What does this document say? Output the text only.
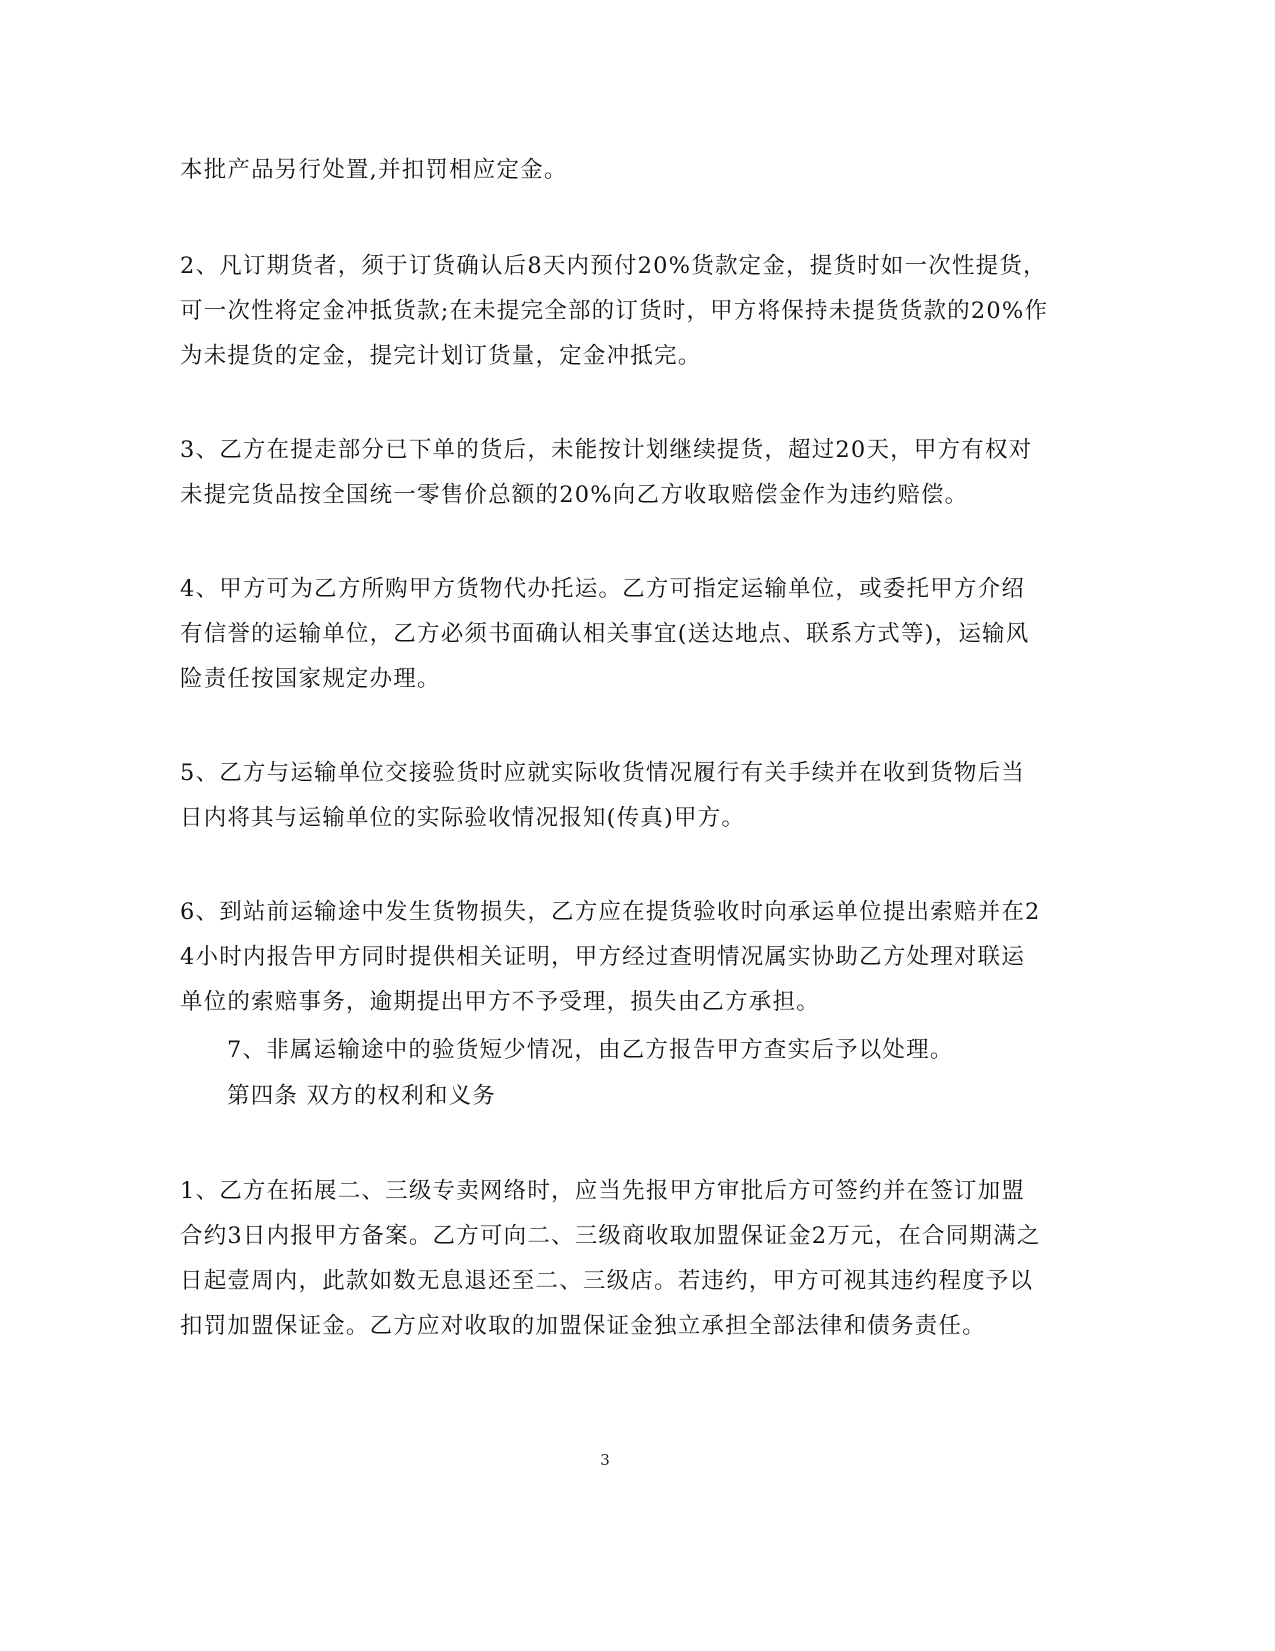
本批产品另行处置,并扣罚相应定金。
2、凡订期货者，须于订货确认后8天内预付20%货款定金，提货时如一次性提货，
可一次性将定金冲抵货款;在未提完全部的订货时，甲方将保持未提货货款的20%作
为未提货的定金，提完计划订货量，定金冲抵完。
3、乙方在提走部分已下单的货后，未能按计划继续提货，超过20天，甲方有权对
未提完货品按全国统一零售价总额的20%向乙方收取赔偿金作为违约赔偿。
4、甲方可为乙方所购甲方货物代办托运。乙方可指定运输单位，或委托甲方介绍
有信誉的运输单位，乙方必须书面确认相关事宜(送达地点、联系方式等)，运输风
险责任按国家规定办理。
5、乙方与运输单位交接验货时应就实际收货情况履行有关手续并在收到货物后当
日内将其与运输单位的实际验收情况报知(传真)甲方。
6、到站前运输途中发生货物损失，乙方应在提货验收时向承运单位提出索赔并在2
4小时内报告甲方同时提供相关证明，甲方经过查明情况属实协助乙方处理对联运
单位的索赔事务，逾期提出甲方不予受理，损失由乙方承担。
7、非属运输途中的验货短少情况，由乙方报告甲方查实后予以处理。
第四条 双方的权利和义务
1、乙方在拓展二、三级专卖网络时，应当先报甲方审批后方可签约并在签订加盟
合约3日内报甲方备案。乙方可向二、三级商收取加盟保证金2万元，在合同期满之
日起壹周内，此款如数无息退还至二、三级店。若违约，甲方可视其违约程度予以
扣罚加盟保证金。乙方应对收取的加盟保证金独立承担全部法律和债务责任。
3
